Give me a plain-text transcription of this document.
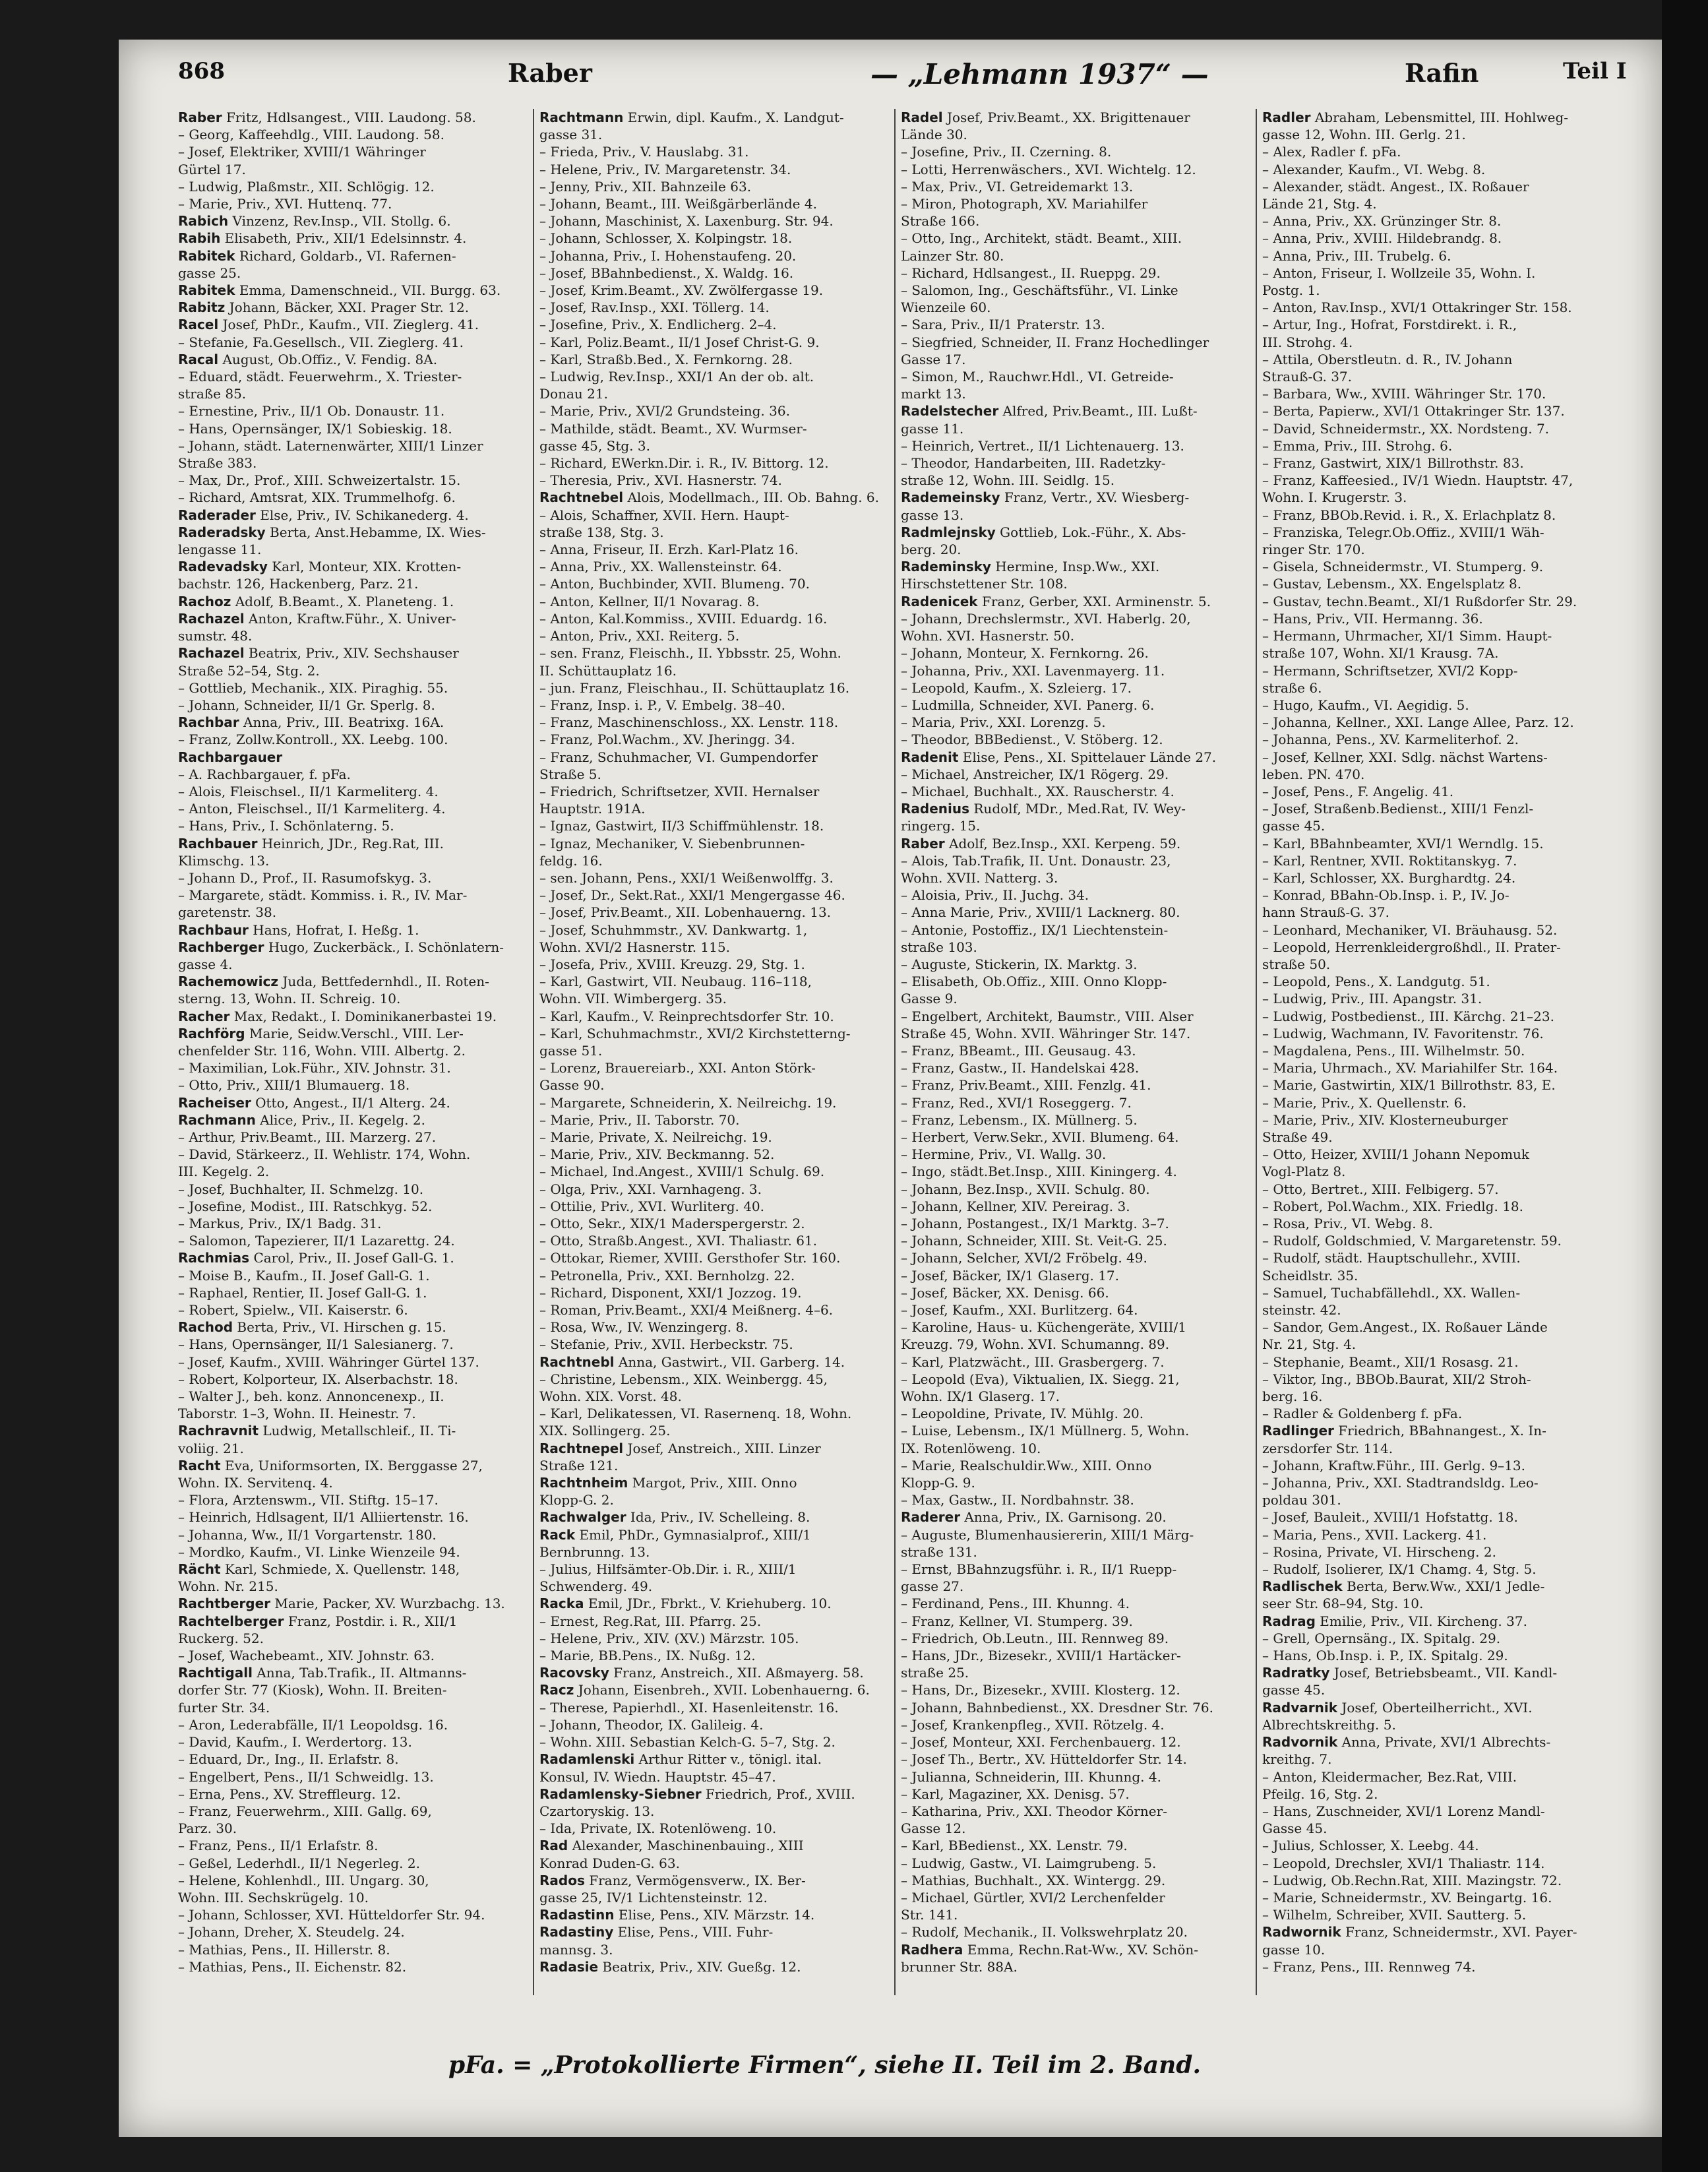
868	Raber	— „Lehmann 1937“ —	Rafin	Teil I
Raber Fritz, Hdlsangest., VIII. Laudong. 58.
– Georg, Kaffeehdlg., VIII. Laudong. 58.
– Josef, Elektriker, XVIII/1 Währinger
Gürtel 17.
– Ludwig, Plaßmstr., XII. Schlögig. 12.
– Marie, Priv., XVI. Huttenq. 77.
Rabich Vinzenz, Rev.Insp., VII. Stollg. 6.
Rabih Elisabeth, Priv., XII/1 Edelsinnstr. 4.
Rabitek Richard, Goldarb., VI. Rafernen-
gasse 25.
Rabitek Emma, Damenschneid., VII. Burgg. 63.
Rabitz Johann, Bäcker, XXI. Prager Str. 12.
Racel Josef, PhDr., Kaufm., VII. Zieglerg. 41.
– Stefanie, Fa.Gesellsch., VII. Zieglerg. 41.
Racal August, Ob.Offiz., V. Fendig. 8A.
– Eduard, städt. Feuerwehrm., X. Triester-
straße 85.
– Ernestine, Priv., II/1 Ob. Donaustr. 11.
– Hans, Opernsänger, IX/1 Sobieskig. 18.
– Johann, städt. Laternenwärter, XIII/1 Linzer
Straße 383.
– Max, Dr., Prof., XIII. Schweizertalstr. 15.
– Richard, Amtsrat, XIX. Trummelhofg. 6.
Raderader Else, Priv., IV. Schikanederg. 4.
Raderadsky Berta, Anst.Hebamme, IX. Wies-
lengasse 11.
Radevadsky Karl, Monteur, XIX. Krotten-
bachstr. 126, Hackenberg, Parz. 21.
Rachoz Adolf, B.Beamt., X. Planeteng. 1.
Rachazel Anton, Kraftw.Führ., X. Univer-
sumstr. 48.
Rachazel Beatrix, Priv., XIV. Sechshauser
Straße 52–54, Stg. 2.
– Gottlieb, Mechanik., XIX. Piraghig. 55.
– Johann, Schneider, II/1 Gr. Sperlg. 8.
Rachbar Anna, Priv., III. Beatrixg. 16A.
– Franz, Zollw.Kontroll., XX. Leebg. 100.
Rachbargauer
– A. Rachbargauer, f. pFa.
– Alois, Fleischsel., II/1 Karmeliterg. 4.
– Anton, Fleischsel., II/1 Karmeliterg. 4.
– Hans, Priv., I. Schönlaterng. 5.
Rachbauer Heinrich, JDr., Reg.Rat, III.
Klimschg. 13.
– Johann D., Prof., II. Rasumofskyg. 3.
– Margarete, städt. Kommiss. i. R., IV. Mar-
garetenstr. 38.
Rachbaur Hans, Hofrat, I. Heßg. 1.
Rachberger Hugo, Zuckerbäck., I. Schönlatern-
gasse 4.
Rachemowicz Juda, Bettfedernhdl., II. Roten-
sterng. 13, Wohn. II. Schreig. 10.
Racher Max, Redakt., I. Dominikanerbastei 19.
Rachförg Marie, Seidw.Verschl., VIII. Ler-
chenfelder Str. 116, Wohn. VIII. Albertg. 2.
– Maximilian, Lok.Führ., XIV. Johnstr. 31.
– Otto, Priv., XIII/1 Blumauerg. 18.
Racheiser Otto, Angest., II/1 Alterg. 24.
Rachmann Alice, Priv., II. Kegelg. 2.
– Arthur, Priv.Beamt., III. Marzerg. 27.
– David, Stärkeerz., II. Wehlistr. 174, Wohn.
III. Kegelg. 2.
– Josef, Buchhalter, II. Schmelzg. 10.
– Josefine, Modist., III. Ratschkyg. 52.
– Markus, Priv., IX/1 Badg. 31.
– Salomon, Tapezierer, II/1 Lazarettg. 24.
Rachmias Carol, Priv., II. Josef Gall-G. 1.
– Moise B., Kaufm., II. Josef Gall-G. 1.
– Raphael, Rentier, II. Josef Gall-G. 1.
– Robert, Spielw., VII. Kaiserstr. 6.
Rachod Berta, Priv., VI. Hirschen g. 15.
– Hans, Opernsänger, II/1 Salesianerg. 7.
– Josef, Kaufm., XVIII. Währinger Gürtel 137.
– Robert, Kolporteur, IX. Alserbachstr. 18.
– Walter J., beh. konz. Annoncenexp., II.
Taborstr. 1–3, Wohn. II. Heinestr. 7.
Rachravnit Ludwig, Metallschleif., II. Ti-
voliig. 21.
Racht Eva, Uniformsorten, IX. Berggasse 27,
Wohn. IX. Servitenq. 4.
– Flora, Arztenswm., VII. Stiftg. 15–17.
– Heinrich, Hdlsagent, II/1 Alliiertenstr. 16.
– Johanna, Ww., II/1 Vorgartenstr. 180.
– Mordko, Kaufm., VI. Linke Wienzeile 94.
Rächt Karl, Schmiede, X. Quellenstr. 148,
Wohn. Nr. 215.
Rachtberger Marie, Packer, XV. Wurzbachg. 13.
Rachtelberger Franz, Postdir. i. R., XII/1
Ruckerg. 52.
– Josef, Wachebeamt., XIV. Johnstr. 63.
Rachtigall Anna, Tab.Trafik., II. Altmanns-
dorfer Str. 77 (Kiosk), Wohn. II. Breiten-
furter Str. 34.
– Aron, Lederabfälle, II/1 Leopoldsg. 16.
– David, Kaufm., I. Werdertorg. 13.
– Eduard, Dr., Ing., II. Erlafstr. 8.
– Engelbert, Pens., II/1 Schweidlg. 13.
– Erna, Pens., XV. Streffleurg. 12.
– Franz, Feuerwehrm., XIII. Gallg. 69,
Parz. 30.
– Franz, Pens., II/1 Erlafstr. 8.
– Geßel, Lederhdl., II/1 Negerleg. 2.
– Helene, Kohlenhdl., III. Ungarg. 30,
Wohn. III. Sechskrügelg. 10.
– Johann, Schlosser, XVI. Hütteldorfer Str. 94.
– Johann, Dreher, X. Steudelg. 24.
– Mathias, Pens., II. Hillerstr. 8.
– Mathias, Pens., II. Eichenstr. 82.
Rachtmann Erwin, dipl. Kaufm., X. Landgut-
gasse 31.
– Frieda, Priv., V. Hauslabg. 31.
– Helene, Priv., IV. Margaretenstr. 34.
– Jenny, Priv., XII. Bahnzeile 63.
– Johann, Beamt., III. Weißgärberlände 4.
– Johann, Maschinist, X. Laxenburg. Str. 94.
– Johann, Schlosser, X. Kolpingstr. 18.
– Johanna, Priv., I. Hohenstaufeng. 20.
– Josef, BBahnbedienst., X. Waldg. 16.
– Josef, Krim.Beamt., XV. Zwölfergasse 19.
– Josef, Rav.Insp., XXI. Töllerg. 14.
– Josefine, Priv., X. Endlicherg. 2–4.
– Karl, Poliz.Beamt., II/1 Josef Christ-G. 9.
– Karl, Straßb.Bed., X. Fernkorng. 28.
– Ludwig, Rev.Insp., XXI/1 An der ob. alt.
Donau 21.
– Marie, Priv., XVI/2 Grundsteing. 36.
– Mathilde, städt. Beamt., XV. Wurmser-
gasse 45, Stg. 3.
– Richard, EWerkn.Dir. i. R., IV. Bittorg. 12.
– Theresia, Priv., XVI. Hasnerstr. 74.
Rachtnebel Alois, Modellmach., III. Ob. Bahng. 6.
– Alois, Schaffner, XVII. Hern. Haupt-
straße 138, Stg. 3.
– Anna, Friseur, II. Erzh. Karl-Platz 16.
– Anna, Priv., XX. Wallensteinstr. 64.
– Anton, Buchbinder, XVII. Blumeng. 70.
– Anton, Kellner, II/1 Novarag. 8.
– Anton, Kal.Kommiss., XVIII. Eduardg. 16.
– Anton, Priv., XXI. Reiterg. 5.
– sen. Franz, Fleischh., II. Ybbsstr. 25, Wohn.
II. Schüttauplatz 16.
– jun. Franz, Fleischhau., II. Schüttauplatz 16.
– Franz, Insp. i. P., V. Embelg. 38–40.
– Franz, Maschinenschloss., XX. Lenstr. 118.
– Franz, Pol.Wachm., XV. Jheringg. 34.
– Franz, Schuhmacher, VI. Gumpendorfer
Straße 5.
– Friedrich, Schriftsetzer, XVII. Hernalser
Hauptstr. 191A.
– Ignaz, Gastwirt, II/3 Schiffmühlenstr. 18.
– Ignaz, Mechaniker, V. Siebenbrunnen-
feldg. 16.
– sen. Johann, Pens., XXI/1 Weißenwolffg. 3.
– Josef, Dr., Sekt.Rat., XXI/1 Mengergasse 46.
– Josef, Priv.Beamt., XII. Lobenhauerng. 13.
– Josef, Schuhmmstr., XV. Dankwartg. 1,
Wohn. XVI/2 Hasnerstr. 115.
– Josefa, Priv., XVIII. Kreuzg. 29, Stg. 1.
– Karl, Gastwirt, VII. Neubaug. 116–118,
Wohn. VII. Wimbergerg. 35.
– Karl, Kaufm., V. Reinprechtsdorfer Str. 10.
– Karl, Schuhmachmstr., XVI/2 Kirchstetterng-
gasse 51.
– Lorenz, Brauereiarb., XXI. Anton Störk-
Gasse 90.
– Margarete, Schneiderin, X. Neilreichg. 19.
– Marie, Priv., II. Taborstr. 70.
– Marie, Private, X. Neilreichg. 19.
– Marie, Priv., XIV. Beckmanng. 52.
– Michael, Ind.Angest., XVIII/1 Schulg. 69.
– Olga, Priv., XXI. Varnhageng. 3.
– Ottilie, Priv., XVI. Wurliterg. 40.
– Otto, Sekr., XIX/1 Maderspergerstr. 2.
– Otto, Straßb.Angest., XVI. Thaliastr. 61.
– Ottokar, Riemer, XVIII. Gersthofer Str. 160.
– Petronella, Priv., XXI. Bernholzg. 22.
– Richard, Disponent, XXI/1 Jozzog. 19.
– Roman, Priv.Beamt., XXI/4 Meißnerg. 4–6.
– Rosa, Ww., IV. Wenzingerg. 8.
– Stefanie, Priv., XVII. Herbeckstr. 75.
Rachtnebl Anna, Gastwirt., VII. Garberg. 14.
– Christine, Lebensm., XIX. Weinbergg. 45,
Wohn. XIX. Vorst. 48.
– Karl, Delikatessen, VI. Rasernenq. 18, Wohn.
XIX. Sollingerg. 25.
Rachtnepel Josef, Anstreich., XIII. Linzer
Straße 121.
Rachtnheim Margot, Priv., XIII. Onno
Klopp-G. 2.
Rachwalger Ida, Priv., IV. Schelleing. 8.
Rack Emil, PhDr., Gymnasialprof., XIII/1
Bernbrunng. 13.
– Julius, Hilfsämter-Ob.Dir. i. R., XIII/1
Schwenderg. 49.
Racka Emil, JDr., Fbrkt., V. Kriehuberg. 10.
– Ernest, Reg.Rat, III. Pfarrg. 25.
– Helene, Priv., XIV. (XV.) Märzstr. 105.
– Marie, BB.Pens., IX. Nußg. 12.
Racovsky Franz, Anstreich., XII. Aßmayerg. 58.
Racz Johann, Eisenbreh., XVII. Lobenhauerng. 6.
– Therese, Papierhdl., XI. Hasenleitenstr. 16.
– Johann, Theodor, IX. Galileig. 4.
– Wohn. XIII. Sebastian Kelch-G. 5–7, Stg. 2.
Radamlenski Arthur Ritter v., tönigl. ital.
Konsul, IV. Wiedn. Hauptstr. 45–47.
Radamlensky-Siebner Friedrich, Prof., XVIII.
Czartoryskig. 13.
– Ida, Private, IX. Rotenlöweng. 10.
Rad Alexander, Maschinenbauing., XIII
Konrad Duden-G. 63.
Rados Franz, Vermögensverw., IX. Ber-
gasse 25, IV/1 Lichtensteinstr. 12.
Radastinn Elise, Pens., XIV. Märzstr. 14.
Radastiny Elise, Pens., VIII. Fuhr-
mannsg. 3.
Radasie Beatrix, Priv., XIV. Gueßg. 12.
Radel Josef, Priv.Beamt., XX. Brigittenauer
Lände 30.
– Josefine, Priv., II. Czerning. 8.
– Lotti, Herrenwäschers., XVI. Wichtelg. 12.
– Max, Priv., VI. Getreidemarkt 13.
– Miron, Photograph, XV. Mariahilfer
Straße 166.
– Otto, Ing., Architekt, städt. Beamt., XIII.
Lainzer Str. 80.
– Richard, Hdlsangest., II. Rueppg. 29.
– Salomon, Ing., Geschäftsführ., VI. Linke
Wienzeile 60.
– Sara, Priv., II/1 Praterstr. 13.
– Siegfried, Schneider, II. Franz Hochedlinger
Gasse 17.
– Simon, M., Rauchwr.Hdl., VI. Getreide-
markt 13.
Radelstecher Alfred, Priv.Beamt., III. Lußt-
gasse 11.
– Heinrich, Vertret., II/1 Lichtenauerg. 13.
– Theodor, Handarbeiten, III. Radetzky-
straße 12, Wohn. III. Seidlg. 15.
Rademeinsky Franz, Vertr., XV. Wiesberg-
gasse 13.
Radmlejnsky Gottlieb, Lok.-Führ., X. Abs-
berg. 20.
Rademinsky Hermine, Insp.Ww., XXI.
Hirschstettener Str. 108.
Radenicek Franz, Gerber, XXI. Arminenstr. 5.
– Johann, Drechslermstr., XVI. Haberlg. 20,
Wohn. XVI. Hasnerstr. 50.
– Johann, Monteur, X. Fernkorng. 26.
– Johanna, Priv., XXI. Lavenmayerg. 11.
– Leopold, Kaufm., X. Szleierg. 17.
– Ludmilla, Schneider, XVI. Panerg. 6.
– Maria, Priv., XXI. Lorenzg. 5.
– Theodor, BBBedienst., V. Stöberg. 12.
Radenit Elise, Pens., XI. Spittelauer Lände 27.
– Michael, Anstreicher, IX/1 Rögerg. 29.
– Michael, Buchhalt., XX. Rauscherstr. 4.
Radenius Rudolf, MDr., Med.Rat, IV. Wey-
ringerg. 15.
Raber Adolf, Bez.Insp., XXI. Kerpeng. 59.
– Alois, Tab.Trafik, II. Unt. Donaustr. 23,
Wohn. XVII. Natterg. 3.
– Aloisia, Priv., II. Juchg. 34.
– Anna Marie, Priv., XVIII/1 Lacknerg. 80.
– Antonie, Postoffiz., IX/1 Liechtenstein-
straße 103.
– Auguste, Stickerin, IX. Marktg. 3.
– Elisabeth, Ob.Offiz., XIII. Onno Klopp-
Gasse 9.
– Engelbert, Architekt, Baumstr., VIII. Alser
Straße 45, Wohn. XVII. Währinger Str. 147.
– Franz, BBeamt., III. Geusaug. 43.
– Franz, Gastw., II. Handelskai 428.
– Franz, Priv.Beamt., XIII. Fenzlg. 41.
– Franz, Red., XVI/1 Roseggerg. 7.
– Franz, Lebensm., IX. Müllnerg. 5.
– Herbert, Verw.Sekr., XVII. Blumeng. 64.
– Hermine, Priv., VI. Wallg. 30.
– Ingo, städt.Bet.Insp., XIII. Kiningerg. 4.
– Johann, Bez.Insp., XVII. Schulg. 80.
– Johann, Kellner, XIV. Pereirag. 3.
– Johann, Postangest., IX/1 Marktg. 3–7.
– Johann, Schneider, XIII. St. Veit-G. 25.
– Johann, Selcher, XVI/2 Fröbelg. 49.
– Josef, Bäcker, IX/1 Glaserg. 17.
– Josef, Bäcker, XX. Denisg. 66.
– Josef, Kaufm., XXI. Burlitzerg. 64.
– Karoline, Haus- u. Küchengeräte, XVIII/1
Kreuzg. 79, Wohn. XVI. Schumanng. 89.
– Karl, Platzwächt., III. Grasbergerg. 7.
– Leopold (Eva), Viktualien, IX. Siegg. 21,
Wohn. IX/1 Glaserg. 17.
– Leopoldine, Private, IV. Mühlg. 20.
– Luise, Lebensm., IX/1 Müllnerg. 5, Wohn.
IX. Rotenlöweng. 10.
– Marie, Realschuldir.Ww., XIII. Onno
Klopp-G. 9.
– Max, Gastw., II. Nordbahnstr. 38.
Raderer Anna, Priv., IX. Garnisong. 20.
– Auguste, Blumenhausiererin, XIII/1 Märg-
straße 131.
– Ernst, BBahnzugsführ. i. R., II/1 Ruepp-
gasse 27.
– Ferdinand, Pens., III. Khunng. 4.
– Franz, Kellner, VI. Stumperg. 39.
– Friedrich, Ob.Leutn., III. Rennweg 89.
– Hans, JDr., Bizesekr., XVIII/1 Hartäcker-
straße 25.
– Hans, Dr., Bizesekr., XVIII. Klosterg. 12.
– Johann, Bahnbedienst., XX. Dresdner Str. 76.
– Josef, Krankenpfleg., XVII. Rötzelg. 4.
– Josef, Monteur, XXI. Ferchenbauerg. 12.
– Josef Th., Bertr., XV. Hütteldorfer Str. 14.
– Julianna, Schneiderin, III. Khunng. 4.
– Karl, Magaziner, XX. Denisg. 57.
– Katharina, Priv., XXI. Theodor Körner-
Gasse 12.
– Karl, BBedienst., XX. Lenstr. 79.
– Ludwig, Gastw., VI. Laimgrubeng. 5.
– Mathias, Buchhalt., XX. Wintergg. 29.
– Michael, Gürtler, XVI/2 Lerchenfelder
Str. 141.
– Rudolf, Mechanik., II. Volkswehrplatz 20.
Radhera Emma, Rechn.Rat-Ww., XV. Schön-
brunner Str. 88A.
Radler Abraham, Lebensmittel, III. Hohlweg-
gasse 12, Wohn. III. Gerlg. 21.
– Alex, Radler f. pFa.
– Alexander, Kaufm., VI. Webg. 8.
– Alexander, städt. Angest., IX. Roßauer
Lände 21, Stg. 4.
– Anna, Priv., XX. Grünzinger Str. 8.
– Anna, Priv., XVIII. Hildebrandg. 8.
– Anna, Priv., III. Trubelg. 6.
– Anton, Friseur, I. Wollzeile 35, Wohn. I.
Postg. 1.
– Anton, Rav.Insp., XVI/1 Ottakringer Str. 158.
– Artur, Ing., Hofrat, Forstdirekt. i. R.,
III. Strohg. 4.
– Attila, Oberstleutn. d. R., IV. Johann
Strauß-G. 37.
– Barbara, Ww., XVIII. Währinger Str. 170.
– Berta, Papierw., XVI/1 Ottakringer Str. 137.
– David, Schneidermstr., XX. Nordsteng. 7.
– Emma, Priv., III. Strohg. 6.
– Franz, Gastwirt, XIX/1 Billrothstr. 83.
– Franz, Kaffeesied., IV/1 Wiedn. Hauptstr. 47,
Wohn. I. Krugerstr. 3.
– Franz, BBOb.Revid. i. R., X. Erlachplatz 8.
– Franziska, Telegr.Ob.Offiz., XVIII/1 Wäh-
ringer Str. 170.
– Gisela, Schneidermstr., VI. Stumperg. 9.
– Gustav, Lebensm., XX. Engelsplatz 8.
– Gustav, techn.Beamt., XI/1 Rußdorfer Str. 29.
– Hans, Priv., VII. Hermanng. 36.
– Hermann, Uhrmacher, XI/1 Simm. Haupt-
straße 107, Wohn. XI/1 Krausg. 7A.
– Hermann, Schriftsetzer, XVI/2 Kopp-
straße 6.
– Hugo, Kaufm., VI. Aegidig. 5.
– Johanna, Kellner., XXI. Lange Allee, Parz. 12.
– Johanna, Pens., XV. Karmeliterhof. 2.
– Josef, Kellner, XXI. Sdlg. nächst Wartens-
leben. PN. 470.
– Josef, Pens., F. Angelig. 41.
– Josef, Straßenb.Bedienst., XIII/1 Fenzl-
gasse 45.
– Karl, BBahnbeamter, XVI/1 Werndlg. 15.
– Karl, Rentner, XVII. Roktitanskyg. 7.
– Karl, Schlosser, XX. Burghardtg. 24.
– Konrad, BBahn-Ob.Insp. i. P., IV. Jo-
hann Strauß-G. 37.
– Leonhard, Mechaniker, VI. Bräuhausg. 52.
– Leopold, Herrenkleidergroßhdl., II. Prater-
straße 50.
– Leopold, Pens., X. Landgutg. 51.
– Ludwig, Priv., III. Apangstr. 31.
– Ludwig, Postbedienst., III. Kärchg. 21–23.
– Ludwig, Wachmann, IV. Favoritenstr. 76.
– Magdalena, Pens., III. Wilhelmstr. 50.
– Maria, Uhrmach., XV. Mariahilfer Str. 164.
– Marie, Gastwirtin, XIX/1 Billrothstr. 83, E.
– Marie, Priv., X. Quellenstr. 6.
– Marie, Priv., XIV. Klosterneuburger
Straße 49.
– Otto, Heizer, XVIII/1 Johann Nepomuk
Vogl-Platz 8.
– Otto, Bertret., XIII. Felbigerg. 57.
– Robert, Pol.Wachm., XIX. Friedlg. 18.
– Rosa, Priv., VI. Webg. 8.
– Rudolf, Goldschmied, V. Margaretenstr. 59.
– Rudolf, städt. Hauptschullehr., XVIII.
Scheidlstr. 35.
– Samuel, Tuchabfällehdl., XX. Wallen-
steinstr. 42.
– Sandor, Gem.Angest., IX. Roßauer Lände
Nr. 21, Stg. 4.
– Stephanie, Beamt., XII/1 Rosasg. 21.
– Viktor, Ing., BBOb.Baurat, XII/2 Stroh-
berg. 16.
– Radler & Goldenberg f. pFa.
Radlinger Friedrich, BBahnangest., X. In-
zersdorfer Str. 114.
– Johann, Kraftw.Führ., III. Gerlg. 9–13.
– Johanna, Priv., XXI. Stadtrandsldg. Leo-
poldau 301.
– Josef, Bauleit., XVIII/1 Hofstattg. 18.
– Maria, Pens., XVII. Lackerg. 41.
– Rosina, Private, VI. Hirscheng. 2.
– Rudolf, Isolierer, IX/1 Chamg. 4, Stg. 5.
Radlischek Berta, Berw.Ww., XXI/1 Jedle-
seer Str. 68–94, Stg. 10.
Radrag Emilie, Priv., VII. Kircheng. 37.
– Grell, Opernsäng., IX. Spitalg. 29.
– Hans, Ob.Insp. i. P., IX. Spitalg. 29.
Radratky Josef, Betriebsbeamt., VII. Kandl-
gasse 45.
Radvarnik Josef, Oberteilherricht., XVI.
Albrechtskreithg. 5.
Radvornik Anna, Private, XVI/1 Albrechts-
kreithg. 7.
– Anton, Kleidermacher, Bez.Rat, VIII.
Pfeilg. 16, Stg. 2.
– Hans, Zuschneider, XVI/1 Lorenz Mandl-
Gasse 45.
– Julius, Schlosser, X. Leebg. 44.
– Leopold, Drechsler, XVI/1 Thaliastr. 114.
– Ludwig, Ob.Rechn.Rat, XIII. Mazingstr. 72.
– Marie, Schneidermstr., XV. Beingartg. 16.
– Wilhelm, Schreiber, XVII. Sautterg. 5.
Radwornik Franz, Schneidermstr., XVI. Payer-
gasse 10.
– Franz, Pens., III. Rennweg 74.
pFa. = „Protokollierte Firmen“, siehe II. Teil im 2. Band.
